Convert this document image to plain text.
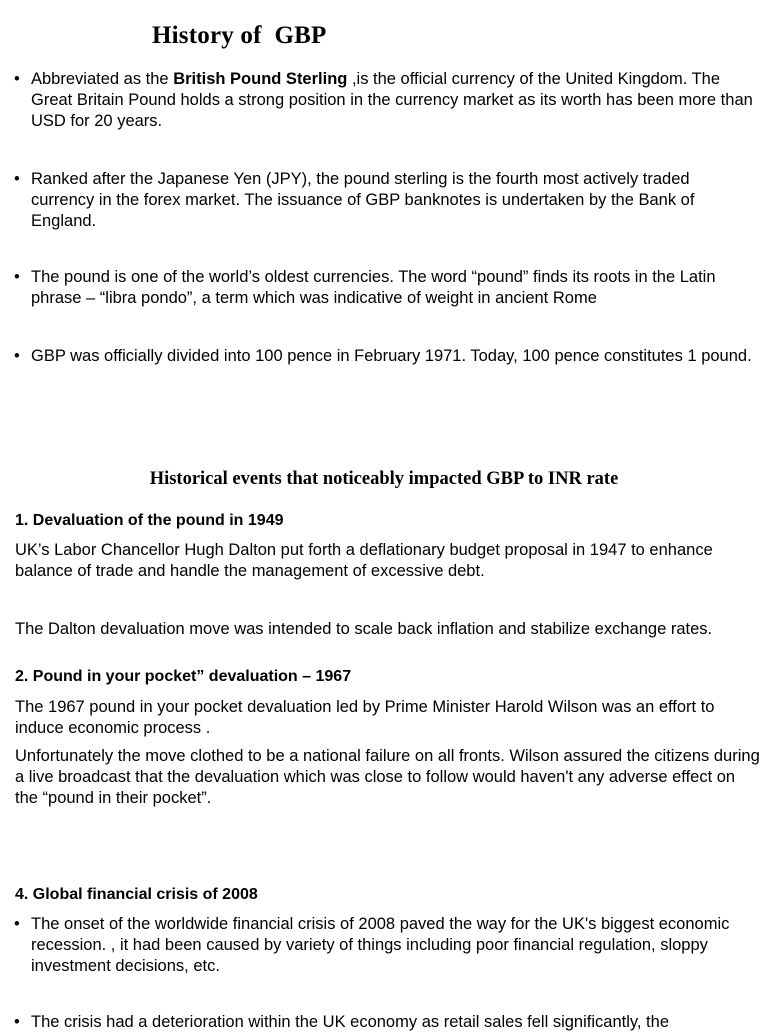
History of  GBP
• Abbreviated as the British Pound Sterling ,is the official currency of the United Kingdom. The Great Britain Pound holds a strong position in the currency market as its worth has been more than USD for 20 years.
• Ranked after the Japanese Yen (JPY), the pound sterling is the fourth most actively traded currency in the forex market. The issuance of GBP banknotes is undertaken by the Bank of England.
• The pound is one of the world’s oldest currencies. The word “pound” finds its roots in the Latin phrase – “libra pondo”, a term which was indicative of weight in ancient Rome
• GBP was officially divided into 100 pence in February 1971. Today, 100 pence constitutes 1 pound.
Historical events that noticeably impacted GBP to INR rate
1. Devaluation of the pound in 1949
UK’s Labor Chancellor Hugh Dalton put forth a deflationary budget proposal in 1947 to enhance balance of trade and handle the management of excessive debt.
The Dalton devaluation move was intended to scale back inflation and stabilize exchange rates.
2. Pound in your pocket” devaluation – 1967
The 1967 pound in your pocket devaluation led by Prime Minister Harold Wilson was an effort to induce economic process .
Unfortunately the move clothed to be a national failure on all fronts. Wilson assured the citizens during a live broadcast that the devaluation which was close to follow would haven't any adverse effect on the “pound in their pocket”.
4. Global financial crisis of 2008
• The onset of the worldwide financial crisis of 2008 paved the way for the UK's biggest economic recession. , it had been caused by variety of things including poor financial regulation, sloppy investment decisions, etc.
• The crisis had a deterioration within the UK economy as retail sales fell significantly, the
